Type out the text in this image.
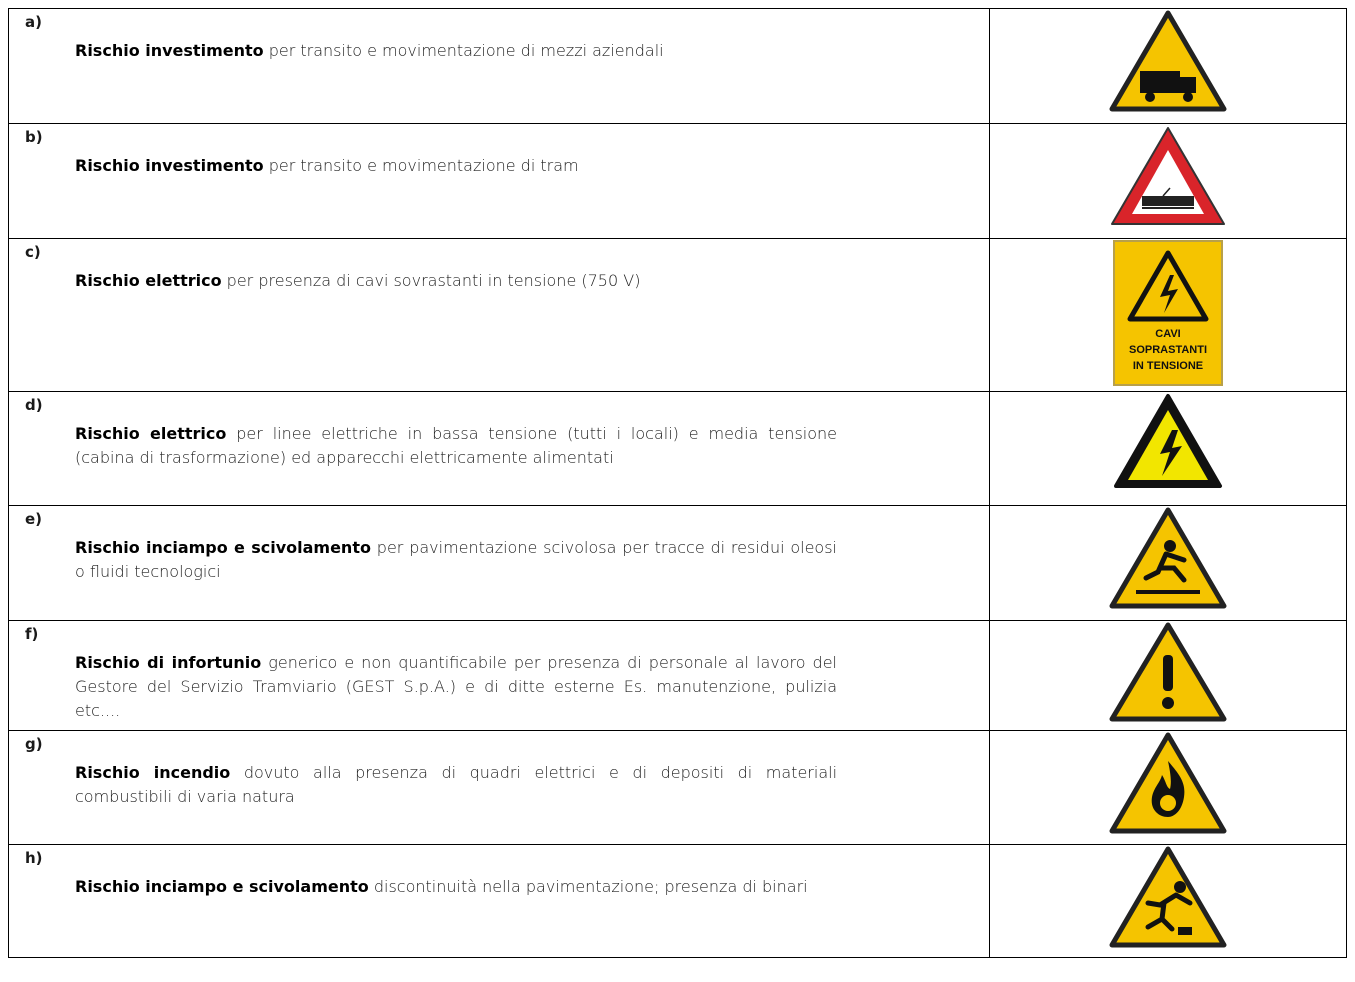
a)
Rischio investimento per transito e movimentazione di mezzi aziendali

b)
Rischio investimento per transito e movimentazione di tram

c)
Rischio elettrico per presenza di cavi sovrastanti in tensione (750 V)	CAVI
SOPRASTANTI
IN TENSIONE

d)
Rischio elettrico per linee elettriche in bassa tensione (tutti i locali) e media tensione (cabina di trasformazione) ed apparecchi elettricamente alimentati

e)
Rischio inciampo e scivolamento per pavimentazione scivolosa per tracce di residui oleosi o fluidi tecnologici

f)
Rischio di infortunio generico e non quantificabile per presenza di personale al lavoro del Gestore del Servizio Tramviario (GEST S.p.A.) e di ditte esterne Es. manutenzione, pulizia etc....

g)
Rischio incendio dovuto alla presenza di quadri elettrici e di depositi di materiali combustibili di varia natura

h)
Rischio inciampo e scivolamento discontinuità nella pavimentazione; presenza di binari
